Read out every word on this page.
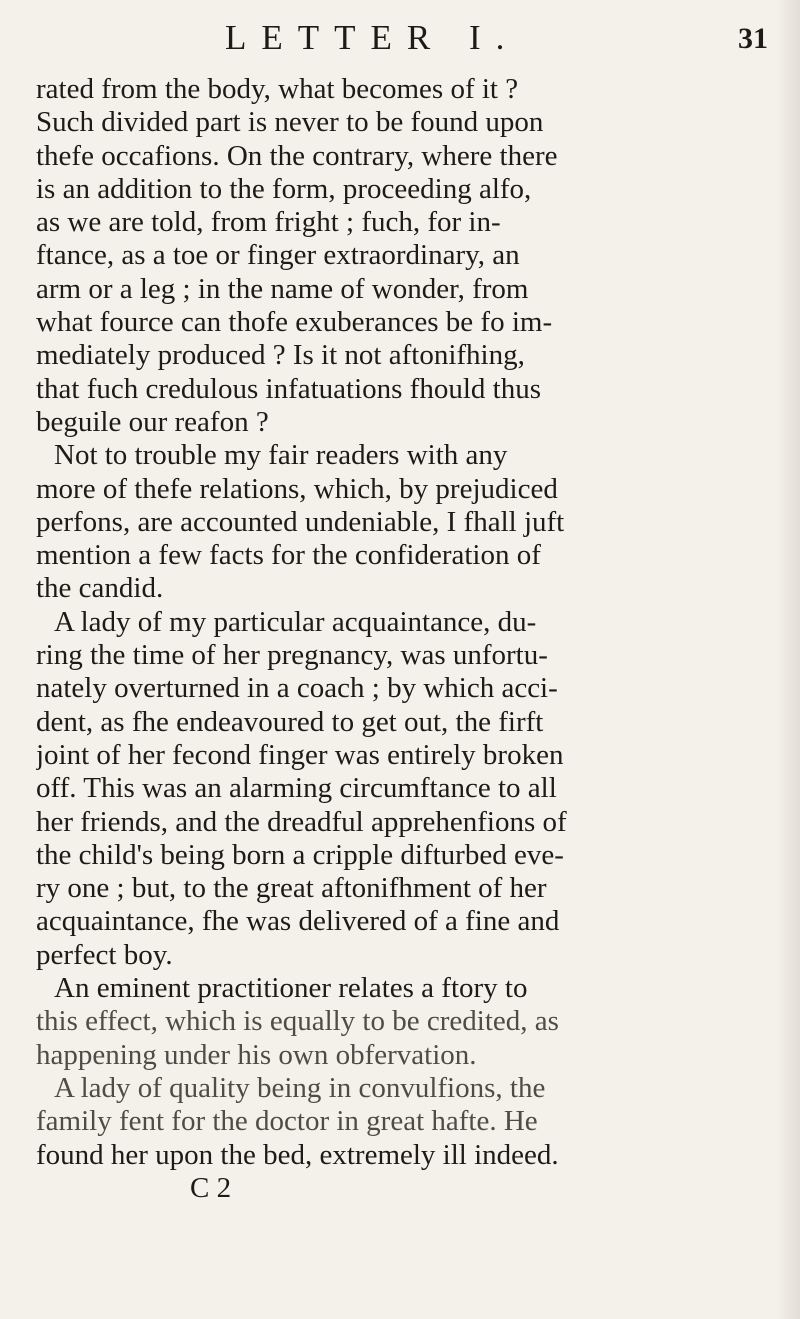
LETTER I.	31
rated from the body, what becomes of it ?
Such divided part is never to be found upon
thefe occafions. On the contrary, where there
is an addition to the form, proceeding alfo,
as we are told, from fright ; fuch, for in-
ftance, as a toe or finger extraordinary, an
arm or a leg ; in the name of wonder, from
what fource can thofe exuberances be fo im-
mediately produced ? Is it not aftonifhing,
that fuch credulous infatuations fhould thus
beguile our reafon ?
Not to trouble my fair readers with any
more of thefe relations, which, by prejudiced
perfons, are accounted undeniable, I fhall juft
mention a few facts for the confideration of
the candid.
A lady of my particular acquaintance, du-
ring the time of her pregnancy, was unfortu-
nately overturned in a coach ; by which acci-
dent, as fhe endeavoured to get out, the firft
joint of her fecond finger was entirely broken
off. This was an alarming circumftance to all
her friends, and the dreadful apprehenfions of
the child's being born a cripple difturbed eve-
ry one ; but, to the great aftonifhment of her
acquaintance, fhe was delivered of a fine and
perfect boy.
An eminent practitioner relates a ftory to
this effect, which is equally to be credited, as
happening under his own obfervation.
A lady of quality being in convulfions, the
family fent for the doctor in great hafte. He
found her upon the bed, extremely ill indeed.
C 2
